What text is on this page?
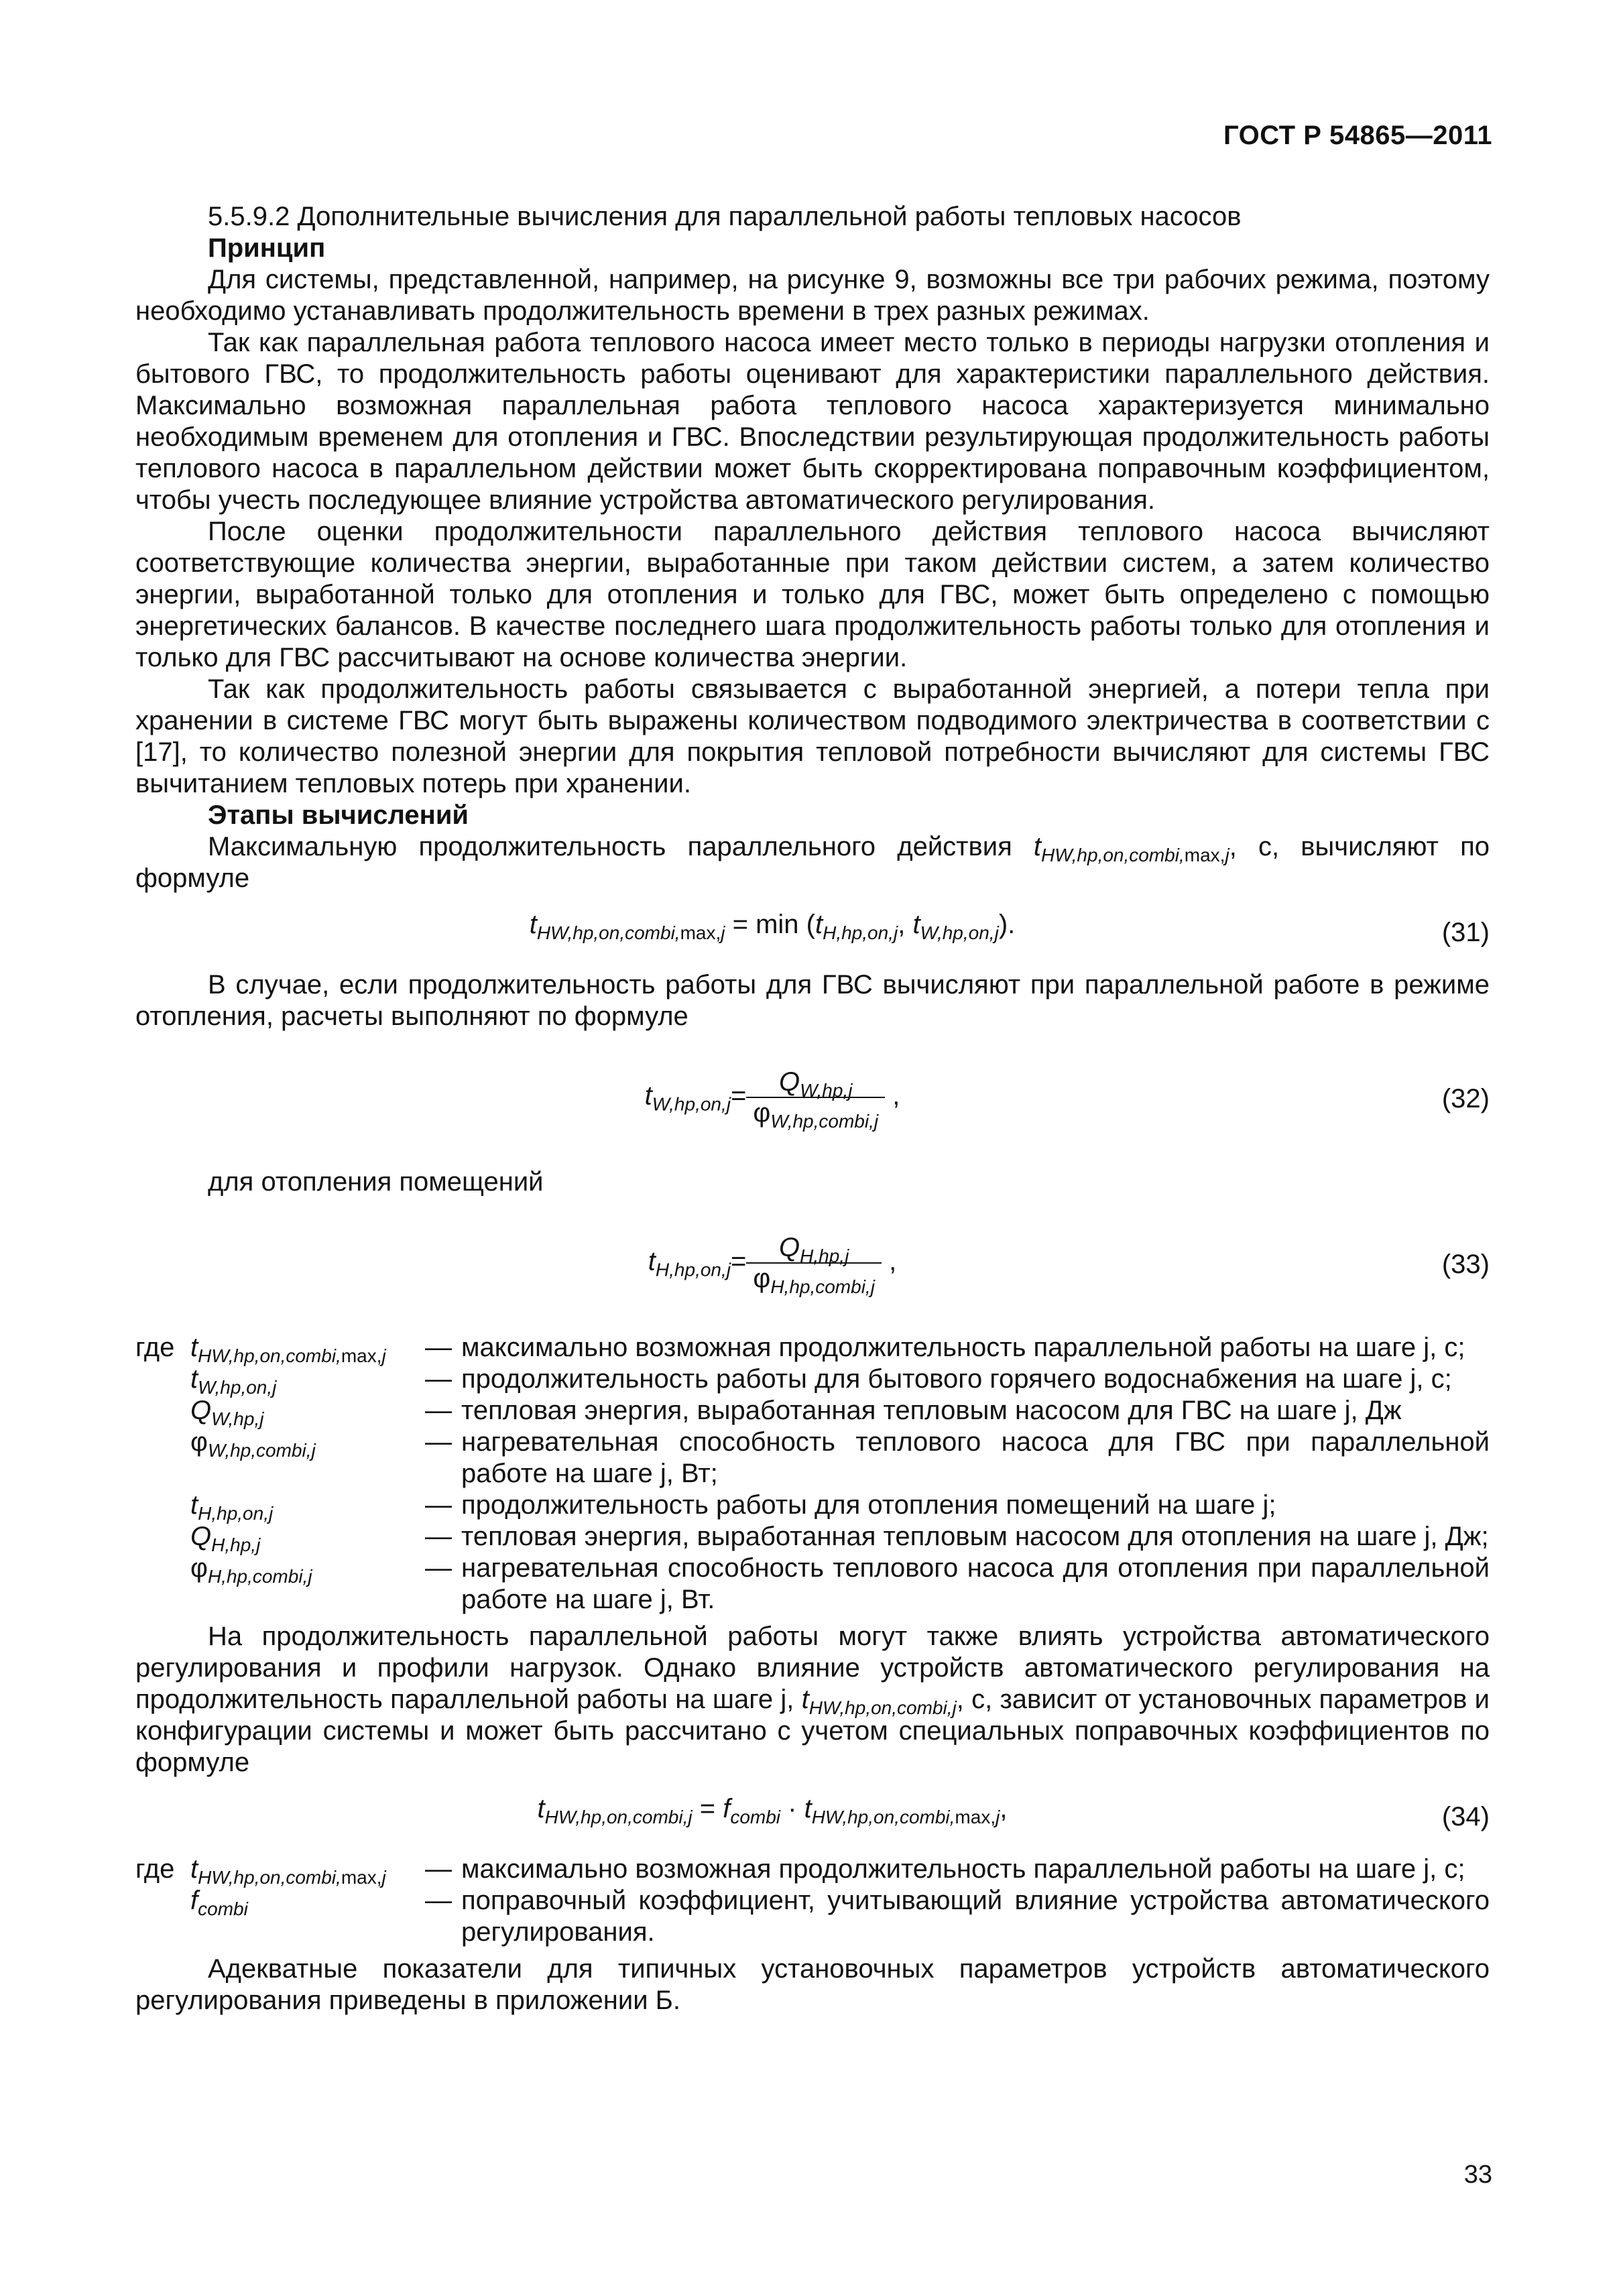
ГОСТ Р 54865—2011

5.5.9.2 Дополнительные вычисления для параллельной работы тепловых насосов

Принцип

Для системы, представленной, например, на рисунке 9, возможны все три рабочих режима, поэтому необходимо устанавливать продолжительность времени в трех разных режимах.

Так как параллельная работа теплового насоса имеет место только в периоды нагрузки отопления и бытового ГВС, то продолжительность работы оценивают для характеристики параллельного действия. Максимально возможная параллельная работа теплового насоса характеризуется минимально необходимым временем для отопления и ГВС. Впоследствии результирующая продолжительность работы теплового насоса в параллельном действии может быть скорректирована поправочным коэффициентом, чтобы учесть последующее влияние устройства автоматического регулирования.

После оценки продолжительности параллельного действия теплового насоса вычисляют соответствующие количества энергии, выработанные при таком действии систем, а затем количество энергии, выработанной только для отопления и только для ГВС, может быть определено с помощью энергетических балансов. В качестве последнего шага продолжительность работы только для отопления и только для ГВС рассчитывают на основе количества энергии.

Так как продолжительность работы связывается с выработанной энергией, а потери тепла при хранении в системе ГВС могут быть выражены количеством подводимого электричества в соответствии с [17], то количество полезной энергии для покрытия тепловой потребности вычисляют для системы ГВС вычитанием тепловых потерь при хранении.

Этапы вычислений

Максимальную продолжительность параллельного действия $t_{HW,hp,on,combi,max,j}$, с, вычисляют по формуле

$t_{HW,hp,on,combi,max,j} = \min (t_{H,hp,on,j}$, $t_{W,hp,on,j}$).	(31)

В случае, если продолжительность работы для ГВС вычисляют при параллельной работе в режиме отопления, расчеты выполняют по формуле

$t_{W,hp,on,j}= \frac{Q_{W,hp,j}}{\varphi_{W,hp,combi,j}}$ ,	(32)

для отопления помещений

$t_{H,hp,on,j}= \frac{Q_{H,hp,j}}{\varphi_{H,hp,combi,j}}$ ,	(33)
где $t_{HW,hp,on,combi,max,j}$	— максимально возможная продолжительность параллельной работы на шаге j, с;
$t_{W,hp,on,j}$	— продолжительность работы для бытового горячего водоснабжения на шаге j, с;
$Q_{W,hp,j}$	— тепловая энергия, выработанная тепловым насосом для ГВС на шаге j, Дж
$\varphi_{W,hp,combi,j}$	— нагревательная способность теплового насоса для ГВС при параллельной работе на шаге j, Вт;
$t_{H,hp,on,j}$	— продолжительность работы для отопления помещений на шаге j;
$Q_{H,hp,j}$	— тепловая энергия, выработанная тепловым насосом для отопления на шаге j, Дж;
$\varphi_{H,hp,combi,j}$	— нагревательная способность теплового насоса для отопления при параллельной работе на шаге j, Вт.

На продолжительность параллельной работы могут также влиять устройства автоматического регулирования и профили нагрузок. Однако влияние устройств автоматического регулирования на продолжительность параллельной работы на шаге j, $t_{HW,hp,on,combi,j}$, с, зависит от установочных параметров и конфигурации системы и может быть рассчитано с учетом специальных поправочных коэффициентов по формуле

$t_{HW,hp,on,combi,j} = f_{combi} \cdot t_{HW,hp,on,combi,max,j}$,	(34)
где $t_{HW,hp,on,combi,max,j}$	— максимально возможная продолжительность параллельной работы на шаге j, с;
$f_{combi}$	— поправочный коэффициент, учитывающий влияние устройства автоматического регулирования.

Адекватные показатели для типичных установочных параметров устройств автоматического регулирования приведены в приложении Б.

33
